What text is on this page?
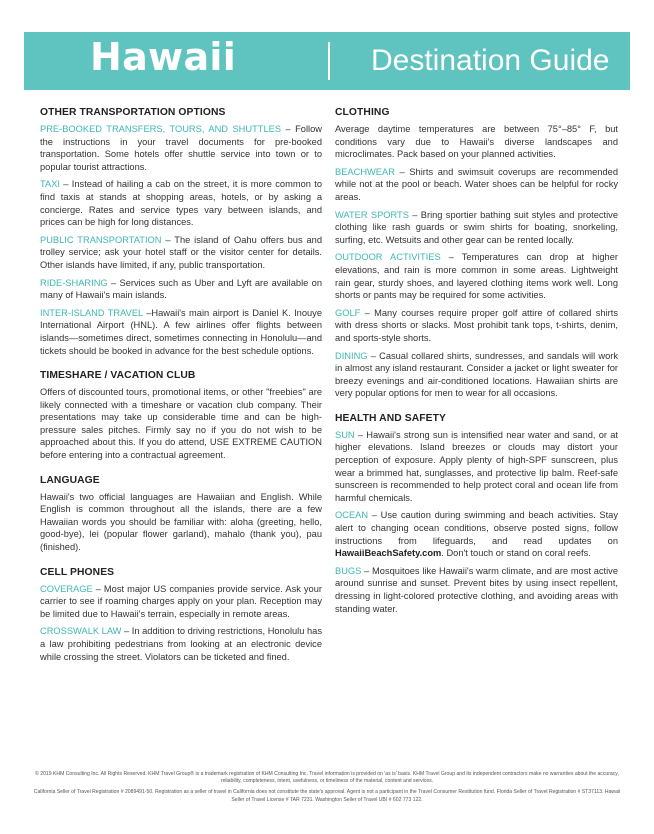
Hawaii	Destination Guide
OTHER TRANSPORTATION OPTIONS

PRE-BOOKED TRANSFERS, TOURS, AND SHUTTLES – Follow the instructions in your travel documents for pre-booked transportation. Some hotels offer shuttle service into town or to popular tourist attractions.

TAXI – Instead of hailing a cab on the street, it is more common to find taxis at stands at shopping areas, hotels, or by asking a concierge. Rates and service types vary between islands, and prices can be high for long distances.

PUBLIC TRANSPORTATION – The island of Oahu offers bus and trolley service; ask your hotel staff or the visitor center for details. Other islands have limited, if any, public transportation.

RIDE-SHARING – Services such as Uber and Lyft are available on many of Hawaii's main islands.

INTER-ISLAND TRAVEL –Hawaii's main airport is Daniel K. Inouye International Airport (HNL). A few airlines offer flights between islands—sometimes direct, sometimes connecting in Honolulu—and tickets should be booked in advance for the best schedule options.

TIMESHARE / VACATION CLUB

Offers of discounted tours, promotional items, or other "freebies" are likely connected with a timeshare or vacation club company. Their presentations may take up considerable time and can be high-pressure sales pitches. Firmly say no if you do not wish to be approached about this. If you do attend, USE EXTREME CAUTION before entering into a contractual agreement.

LANGUAGE

Hawaii's two official languages are Hawaiian and English. While English is common throughout all the islands, there are a few Hawaiian words you should be familiar with: aloha (greeting, hello, good-bye), lei (popular flower garland), mahalo (thank you), pau (finished).

CELL PHONES

COVERAGE – Most major US companies provide service. Ask your carrier to see if roaming charges apply on your plan. Reception may be limited due to Hawaii's terrain, especially in remote areas.

CROSSWALK LAW – In addition to driving restrictions, Honolulu has a law prohibiting pedestrians from looking at an electronic device while crossing the street. Violators can be ticketed and fined.

CLOTHING

Average daytime temperatures are between 75°–85° F, but conditions vary due to Hawaii's diverse landscapes and microclimates. Pack based on your planned activities.

BEACHWEAR – Shirts and swimsuit coverups are recommended while not at the pool or beach. Water shoes can be helpful for rocky areas.

WATER SPORTS – Bring sportier bathing suit styles and protective clothing like rash guards or swim shirts for boating, snorkeling, surfing, etc. Wetsuits and other gear can be rented locally.

OUTDOOR ACTIVITIES – Temperatures can drop at higher elevations, and rain is more common in some areas. Lightweight rain gear, sturdy shoes, and layered clothing items work well. Long shorts or pants may be required for some activities.

GOLF – Many courses require proper golf attire of collared shirts with dress shorts or slacks. Most prohibit tank tops, t-shirts, denim, and sports-style shorts.

DINING – Casual collared shirts, sundresses, and sandals will work in almost any island restaurant. Consider a jacket or light sweater for breezy evenings and air-conditioned locations. Hawaiian shirts are very popular options for men to wear for all occasions.

HEALTH AND SAFETY

SUN – Hawaii's strong sun is intensified near water and sand, or at higher elevations. Island breezes or clouds may distort your perception of exposure. Apply plenty of high-SPF sunscreen, plus wear a brimmed hat, sunglasses, and protective lip balm. Reef-safe sunscreen is recommended to help protect coral and ocean life from harmful chemicals.

OCEAN – Use caution during swimming and beach activities. Stay alert to changing ocean conditions, observe posted signs, follow instructions from lifeguards, and read updates on HawaiiBeachSafety.com. Don't touch or stand on coral reefs.

BUGS – Mosquitoes like Hawaii's warm climate, and are most active around sunrise and sunset. Prevent bites by using insect repellent, dressing in light-colored protective clothing, and avoiding areas with standing water.

© 2019 KHM Consulting Inc. All Rights Reserved. KHM Travel Group® is a trademark registration of KHM Consulting Inc. Travel information is provided on 'as is' basis. KHM Travel Group and its independent contractors make no warranties about the accuracy, reliability, completeness, intent, usefulness, or timeliness of the material, content and services.

California Seller of Travel Registration # 2089491-50. Registration as a seller of travel in California does not constitute the state's approval. Agent is not a participant in the Travel Consumer Restitution fund. Florida Seller of Travel Registration # ST37113. Hawaii Seller of Travel License # TAR 7231. Washington Seller of Travel UBI # 602 773 122.
